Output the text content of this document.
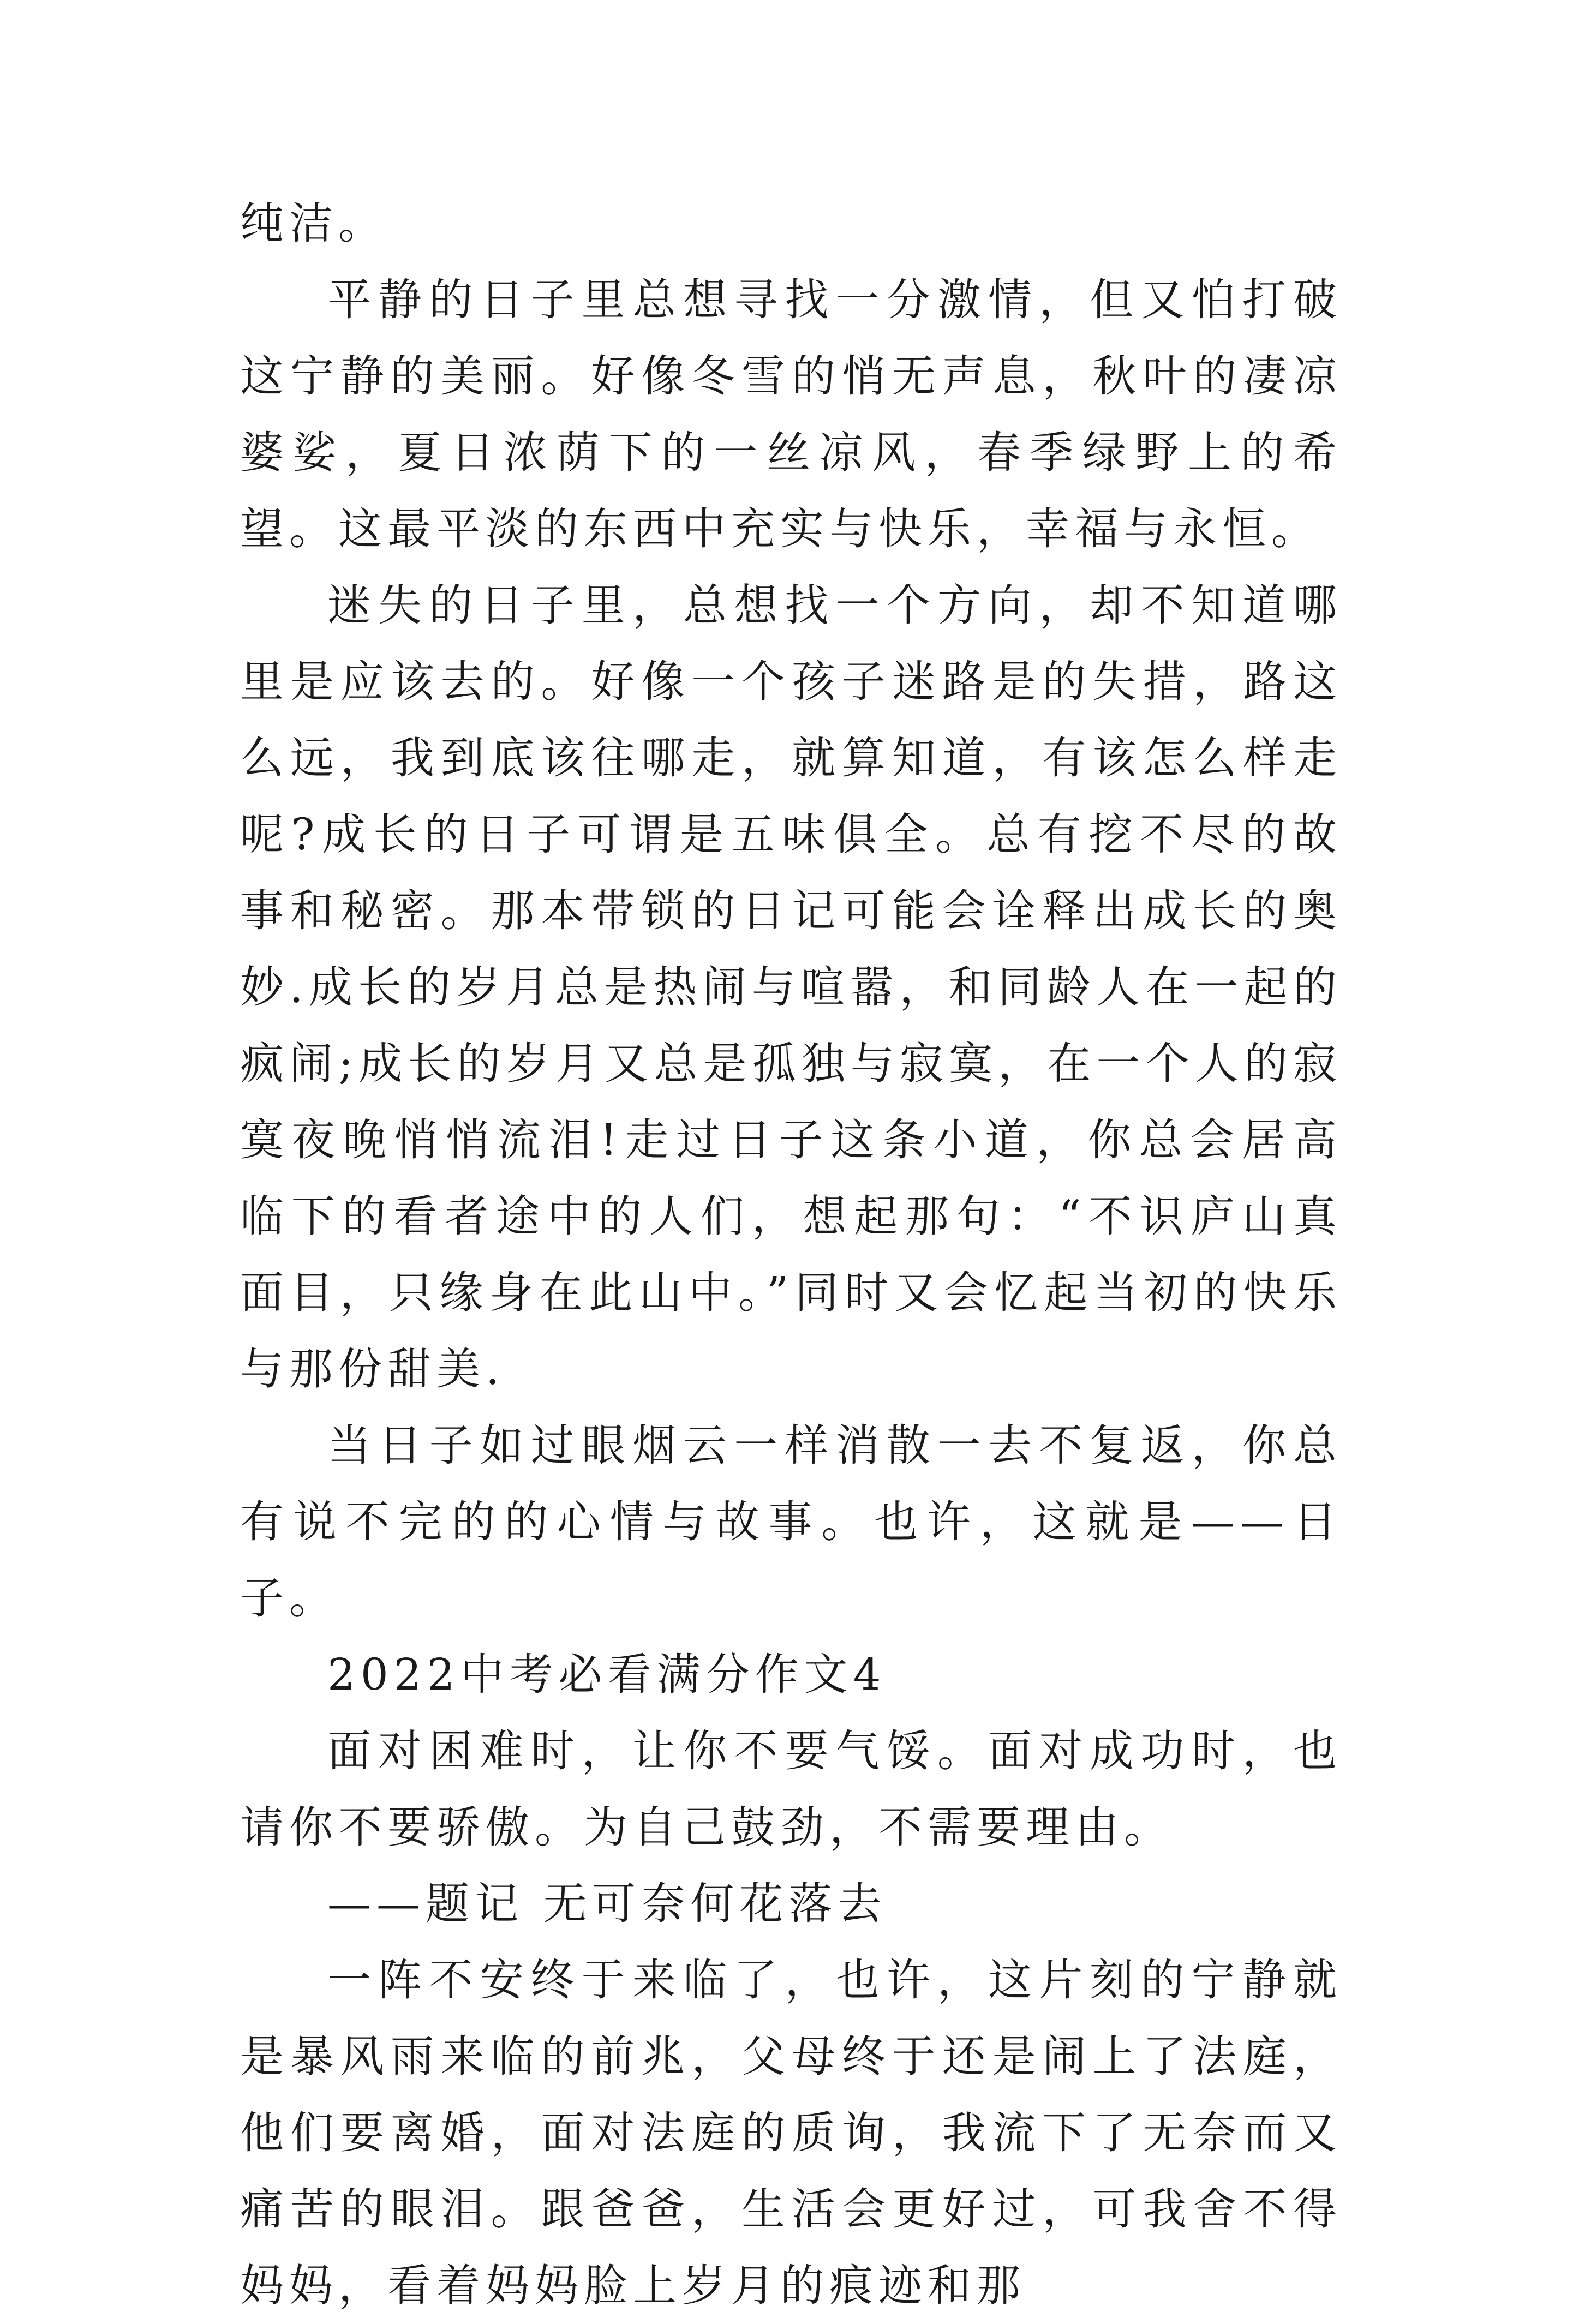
纯洁。

平静的日子里总想寻找一分激情，但又怕打破这宁静的美丽。好像冬雪的悄无声息，秋叶的凄凉婆娑，夏日浓荫下的一丝凉风，春季绿野上的希望。这最平淡的东西中充实与快乐，幸福与永恒。

迷失的日子里，总想找一个方向，却不知道哪里是应该去的。好像一个孩子迷路是的失措，路这么远，我到底该往哪走，就算知道，有该怎么样走呢?成长的日子可谓是五味俱全。总有挖不尽的故事和秘密。那本带锁的日记可能会诠释出成长的奥妙.成长的岁月总是热闹与喧嚣，和同龄人在一起的疯闹;成长的岁月又总是孤独与寂寞，在一个人的寂寞夜晚悄悄流泪!走过日子这条小道，你总会居高临下的看者途中的人们，想起那句：“不识庐山真面目，只缘身在此山中。”同时又会忆起当初的快乐与那份甜美.

当日子如过眼烟云一样消散一去不复返，你总有说不完的的心情与故事。也许，这就是——日子。

2022中考必看满分作文4

面对困难时，让你不要气馁。面对成功时，也请你不要骄傲。为自己鼓劲，不需要理由。

——题记 无可奈何花落去

一阵不安终于来临了，也许，这片刻的宁静就是暴风雨来临的前兆，父母终于还是闹上了法庭，他们要离婚，面对法庭的质询，我流下了无奈而又痛苦的眼泪。跟爸爸，生活会更好过，可我舍不得妈妈，看着妈妈脸上岁月的痕迹和那
